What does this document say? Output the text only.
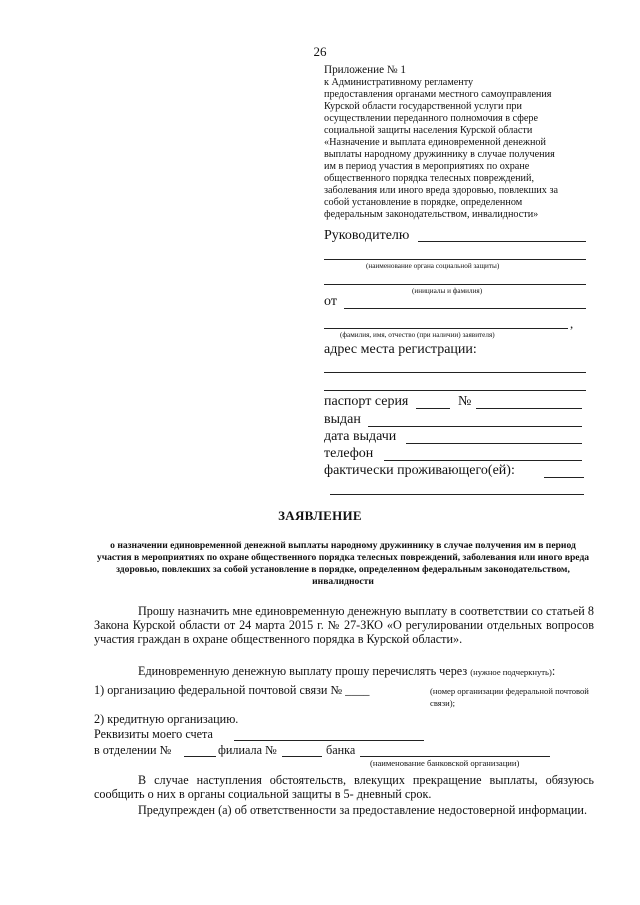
26
Приложение № 1
к Административному регламенту
предоставления органами местного самоуправления
Курской области государственной услуги при
осуществлении переданного полномочия в сфере
социальной защиты населения Курской области
«Назначение и выплата единовременной денежной
выплаты народному дружиннику в случае получения
им в период участия в мероприятиях по охране
общественного порядка телесных повреждений,
заболевания или иного вреда здоровью, повлекших за
собой установление в порядке, определенном
федеральным законодательством, инвалидности»
Руководителю
(наименование органа социальной защиты)
(инициалы и фамилия)
от
,
(фамилия, имя, отчество (при наличии) заявителя)
адрес места регистрации:
паспорт серия	№
выдан
дата выдачи
телефон
фактически проживающего(ей):
ЗАЯВЛЕНИЕ
о назначении единовременной денежной выплаты народному дружиннику в случае получения им в период участия в мероприятиях по охране общественного порядка телесных повреждений, заболевания или иного вреда здоровью, повлекших за собой установление в порядке, определенном федеральным законодательством, инвалидности
Прошу назначить мне единовременную денежную выплату в соответствии со статьей 8 Закона Курской области от 24 марта 2015 г. № 27-ЗКО «О регулировании отдельных вопросов участия граждан в охране общественного порядка в Курской области».
Единовременную денежную выплату прошу перечислять через (нужное подчеркнуть):
1) организацию федеральной почтовой связи № ____	(номер организации федеральной почтовой связи);
2) кредитную организацию.
Реквизиты моего счета
в отделении №	филиала №	банка
(наименование банковской организации)
В случае наступления обстоятельств, влекущих прекращение выплаты, обязуюсь сообщить о них в органы социальной защиты в 5- дневный срок.
Предупрежден (а) об ответственности за предоставление недостоверной информации.
